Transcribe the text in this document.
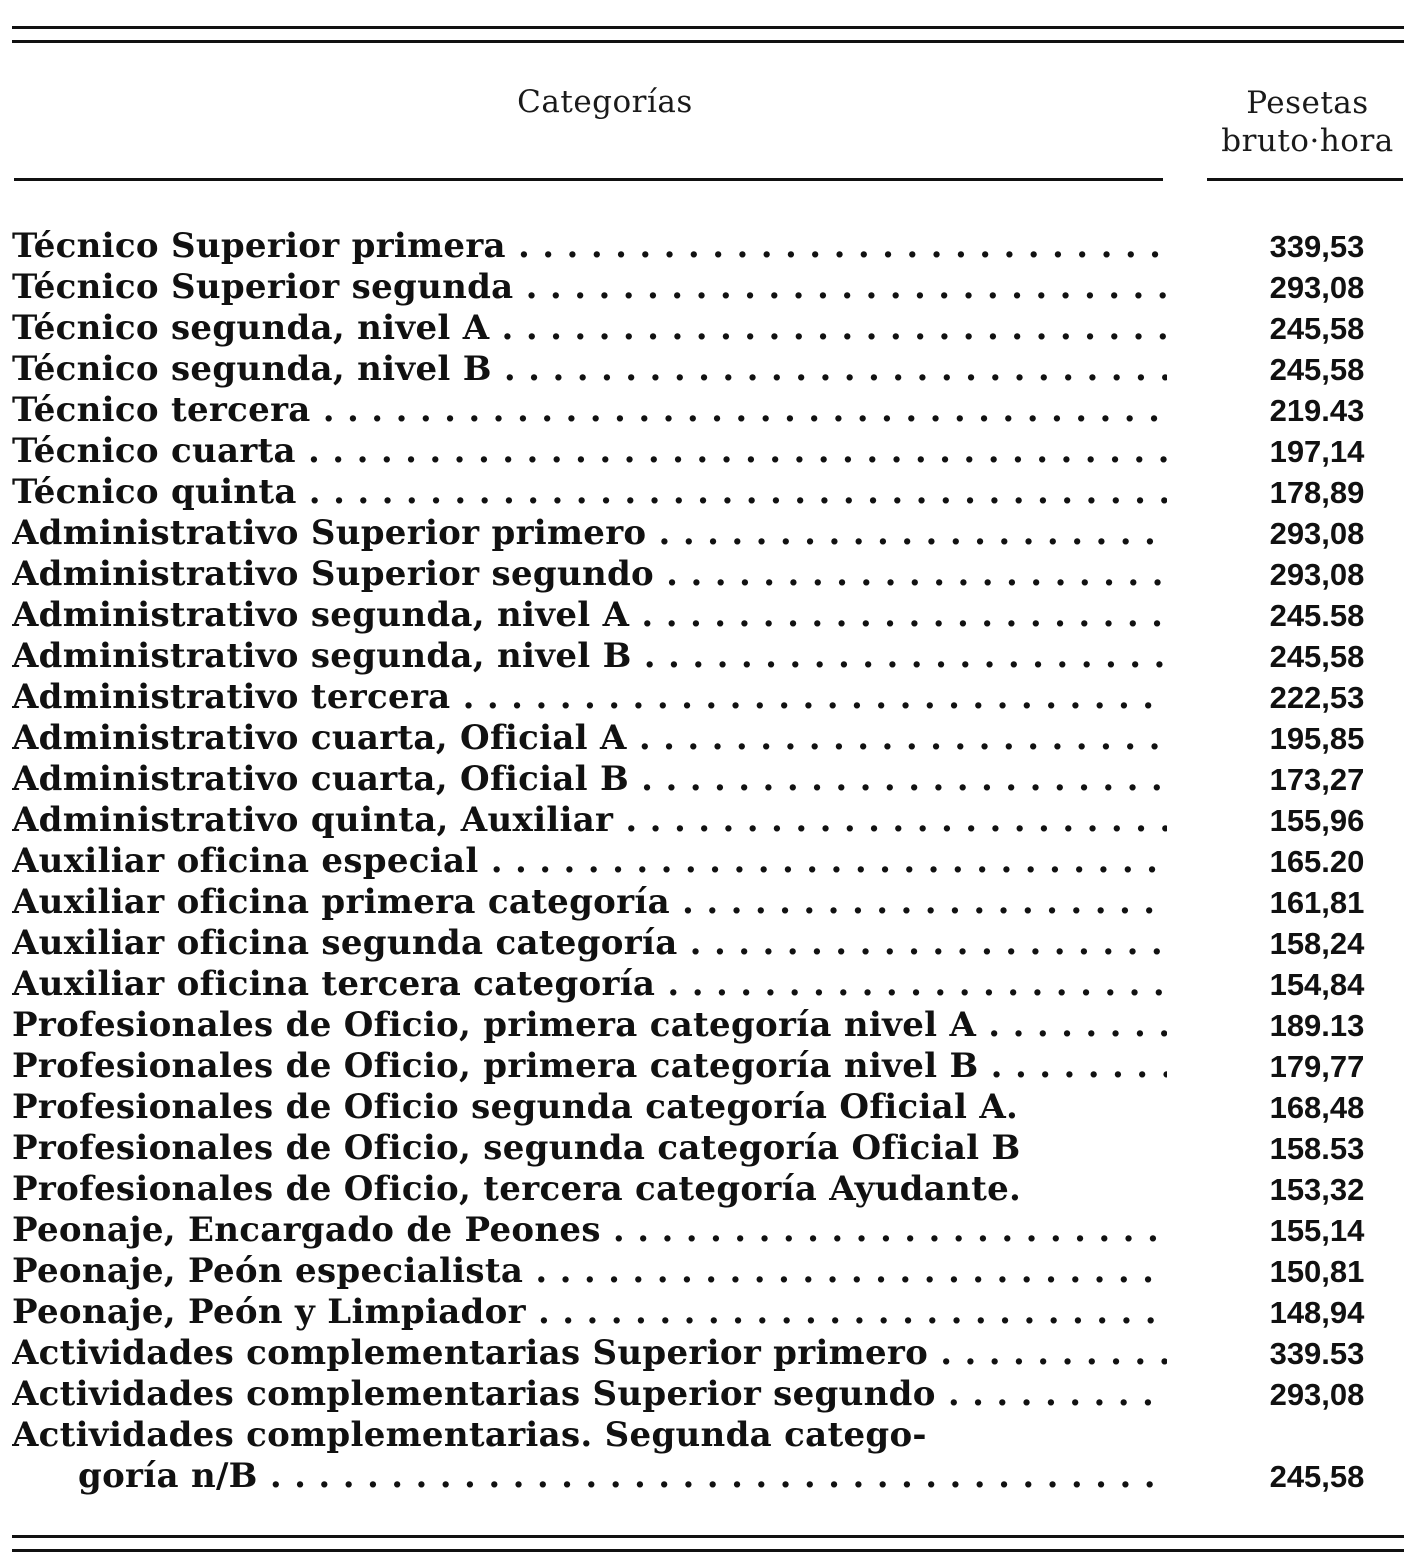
Categorías	Pesetas
bruto·hora
Técnico Superior primera . . .	339,53
Técnico Superior segunda . . .	293,08
Técnico segunda, nivel A . . .	245,58
Técnico segunda, nivel B . . .	245,58
Técnico tercera . . .	219.43
Técnico cuarta . . .	197,14
Técnico quinta . . .	178,89
Administrativo Superior primero . . .	293,08
Administrativo Superior segundo . . .	293,08
Administrativo segunda, nivel A . . .	245.58
Administrativo segunda, nivel B . . .	245,58
Administrativo tercera . . .	222,53
Administrativo cuarta, Oficial A . . .	195,85
Administrativo cuarta, Oficial B . . .	173,27
Administrativo quinta, Auxiliar . . .	155,96
Auxiliar oficina especial . . .	165.20
Auxiliar oficina primera categoría . . .	161,81
Auxiliar oficina segunda categoría . . .	158,24
Auxiliar oficina tercera categoría . . .	154,84
Profesionales de Oficio, primera categoría nivel A . . .	189.13
Profesionales de Oficio, primera categoría nivel B . . .	179,77
Profesionales de Oficio segunda categoría Oficial A.	168,48
Profesionales de Oficio, segunda categoría Oficial B	158.53
Profesionales de Oficio, tercera categoría Ayudante.	153,32
Peonaje, Encargado de Peones . . .	155,14
Peonaje, Peón especialista . . .	150,81
Peonaje, Peón y Limpiador . . .	148,94
Actividades complementarias Superior primero . . .	339.53
Actividades complementarias Superior segundo . . .	293,08
Actividades complementarias. Segunda catego-
goría n/B . . .	245,58
